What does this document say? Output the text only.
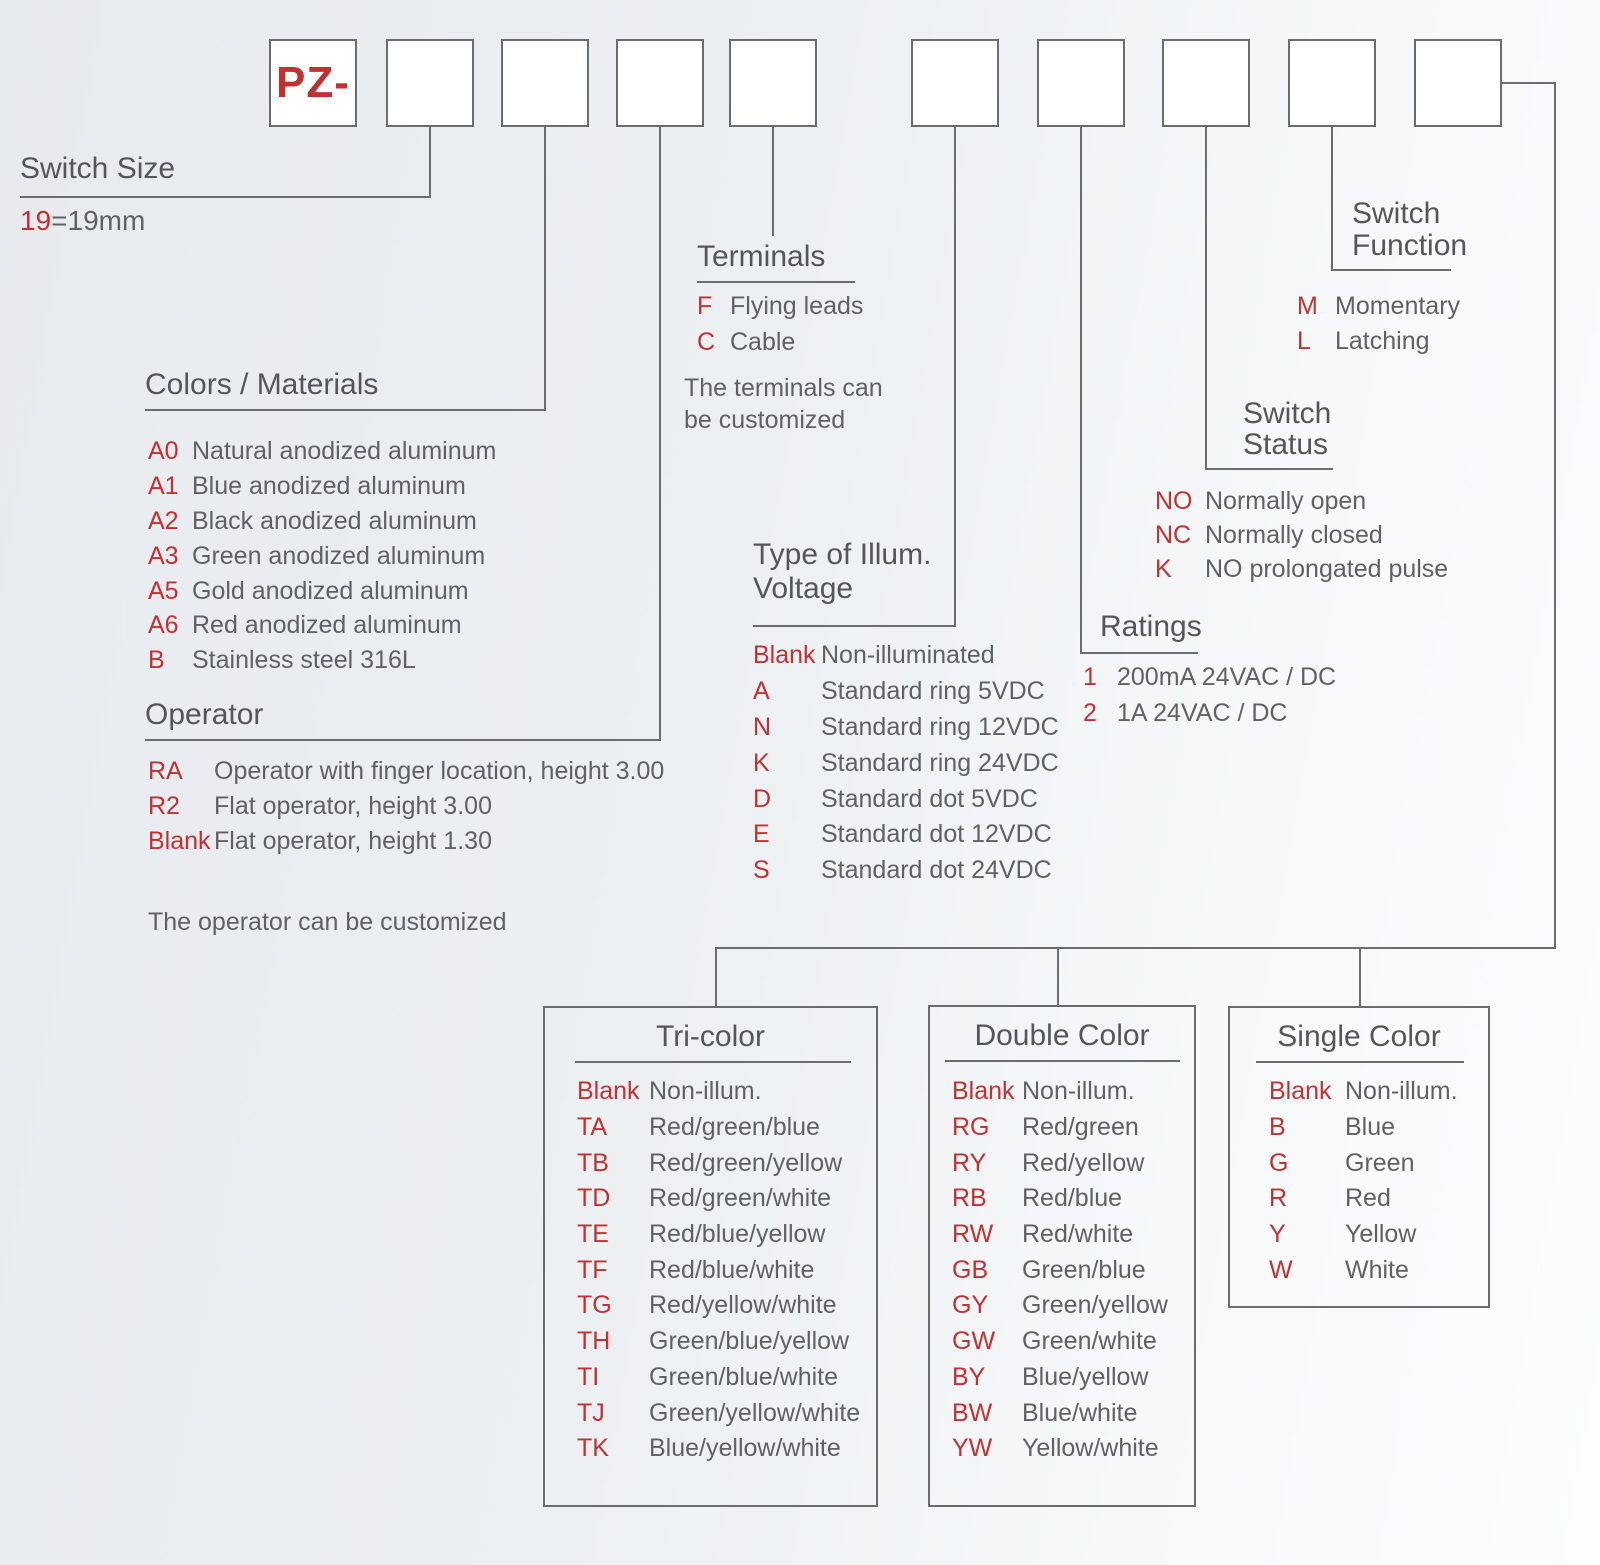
PZ-
Switch Size
19=19mm
Colors / Materials
A0 Natural anodized aluminum
A1 Blue anodized aluminum
A2 Black anodized aluminum
A3 Green anodized aluminum
A5 Gold anodized aluminum
A6 Red anodized aluminum
B	Stainless steel 316L
Operator
RA	Operator with finger location, height 3.00
R2	Flat operator, height 3.00
Blank Flat operator, height 1.30
The operator can be customized
Terminals
F Flying leads
C Cable
The terminals can be customized
Type of Illum.
Voltage
Blank Non-illuminated
A	Standard ring 5VDC
N	Standard ring 12VDC
K	Standard ring 24VDC
D	Standard dot 5VDC
E	Standard dot 12VDC
S	Standard dot 24VDC
Ratings
1 200mA 24VAC / DC
2 1A 24VAC / DC
Switch
Status
NO Normally open
NC Normally closed
K	NO prolongated pulse
Switch
Function
M Momentary
L Latching
Tri-color
Blank Non-illum.
TA	Red/green/blue
TB	Red/green/yellow
TD	Red/green/white
TE	Red/blue/yellow
TF	Red/blue/white
TG	Red/yellow/white
TH	Green/blue/yellow
TI	Green/blue/white
TJ	Green/yellow/white
TK	Blue/yellow/white
Double Color
Blank Non-illum.
RG	Red/green
RY	Red/yellow
RB	Red/blue
RW	Red/white
GB	Green/blue
GY	Green/yellow
GW	Green/white
BY	Blue/yellow
BW	Blue/white
YW	Yellow/white
Single Color
Blank Non-illum.
B	Blue
G	Green
R	Red
Y	Yellow
W	White
